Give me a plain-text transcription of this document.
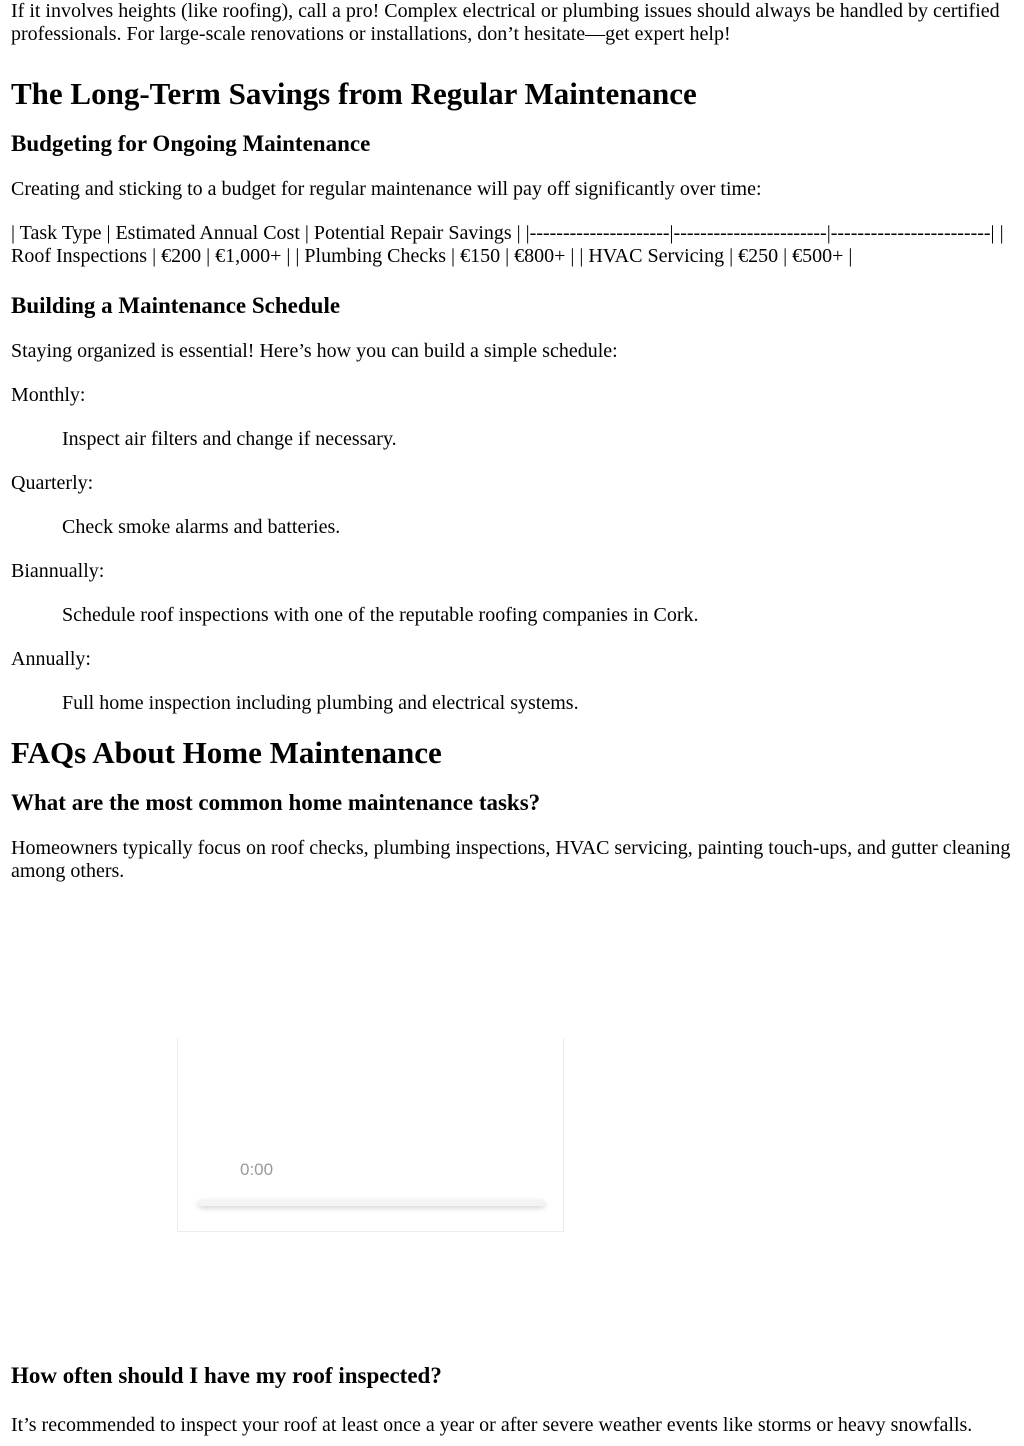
If it involves heights (like roofing), call a pro! Complex electrical or plumbing issues should always be handled by certified professionals. For large-scale renovations or installations, don’t hesitate—get expert help!

The Long-Term Savings from Regular Maintenance
Budgeting for Ongoing Maintenance

Creating and sticking to a budget for regular maintenance will pay off significantly over time:

| Task Type | Estimated Annual Cost | Potential Repair Savings | |---------------------|-----------------------|------------------------| | Roof Inspections | €200 | €1,000+ | | Plumbing Checks | €150 | €800+ | | HVAC Servicing | €250 | €500+ |

Building a Maintenance Schedule

Staying organized is essential! Here’s how you can build a simple schedule:

Monthly:

Inspect air filters and change if necessary.

Quarterly:

Check smoke alarms and batteries.

Biannually:

Schedule roof inspections with one of the reputable roofing companies in Cork.

Annually:

Full home inspection including plumbing and electrical systems.

FAQs About Home Maintenance
What are the most common home maintenance tasks?

Homeowners typically focus on roof checks, plumbing inspections, HVAC servicing, painting touch-ups, and gutter cleaning among others.

0:00
How often should I have my roof inspected?

It’s recommended to inspect your roof at least once a year or after severe weather events like storms or heavy snowfalls.
